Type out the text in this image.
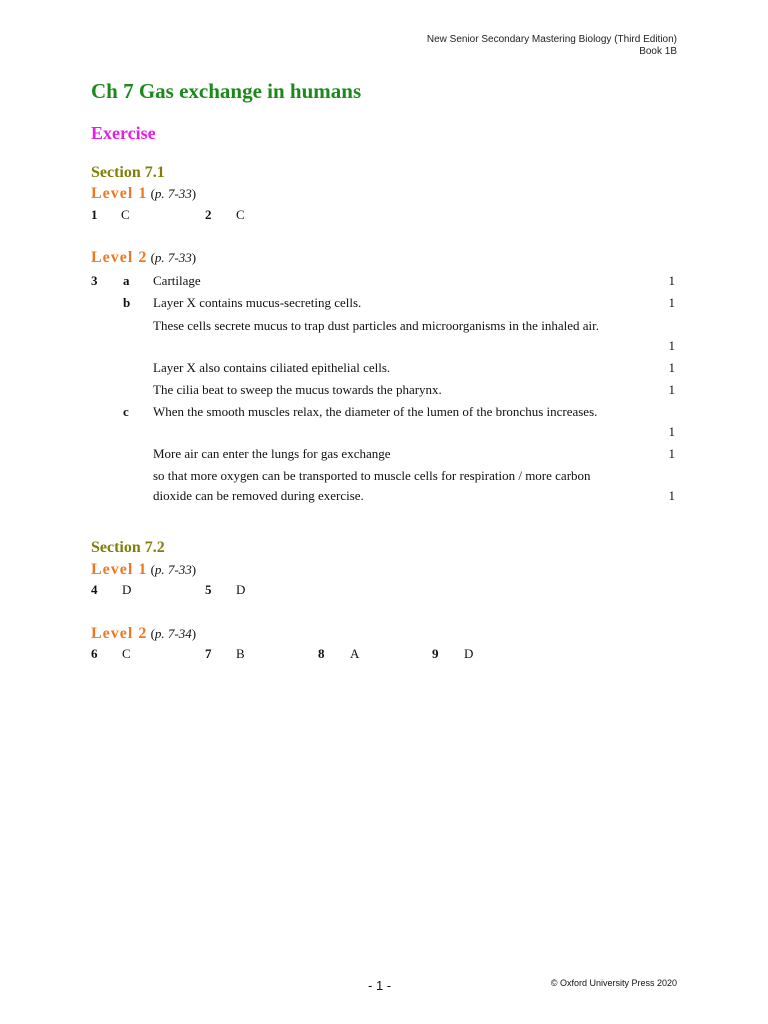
New Senior Secondary Mastering Biology (Third Edition)
Book 1B
Ch 7 Gas exchange in humans
Exercise
Section 7.1
Level 1 (p. 7-33)
1 C	2 C
Level 2 (p. 7-33)
3 a Cartilage	1
b Layer X contains mucus-secreting cells.	1
These cells secrete mucus to trap dust particles and microorganisms in the inhaled air.
1
Layer X also contains ciliated epithelial cells.	1
The cilia beat to sweep the mucus towards the pharynx.	1
c When the smooth muscles relax, the diameter of the lumen of the bronchus increases.
1
More air can enter the lungs for gas exchange	1
so that more oxygen can be transported to muscle cells for respiration / more carbon
dioxide can be removed during exercise.	1
Section 7.2
Level 1 (p. 7-33)
4 D	5 D
Level 2 (p. 7-34)
6 C	7 B	8 A	9 D
- 1 -	© Oxford University Press 2020
